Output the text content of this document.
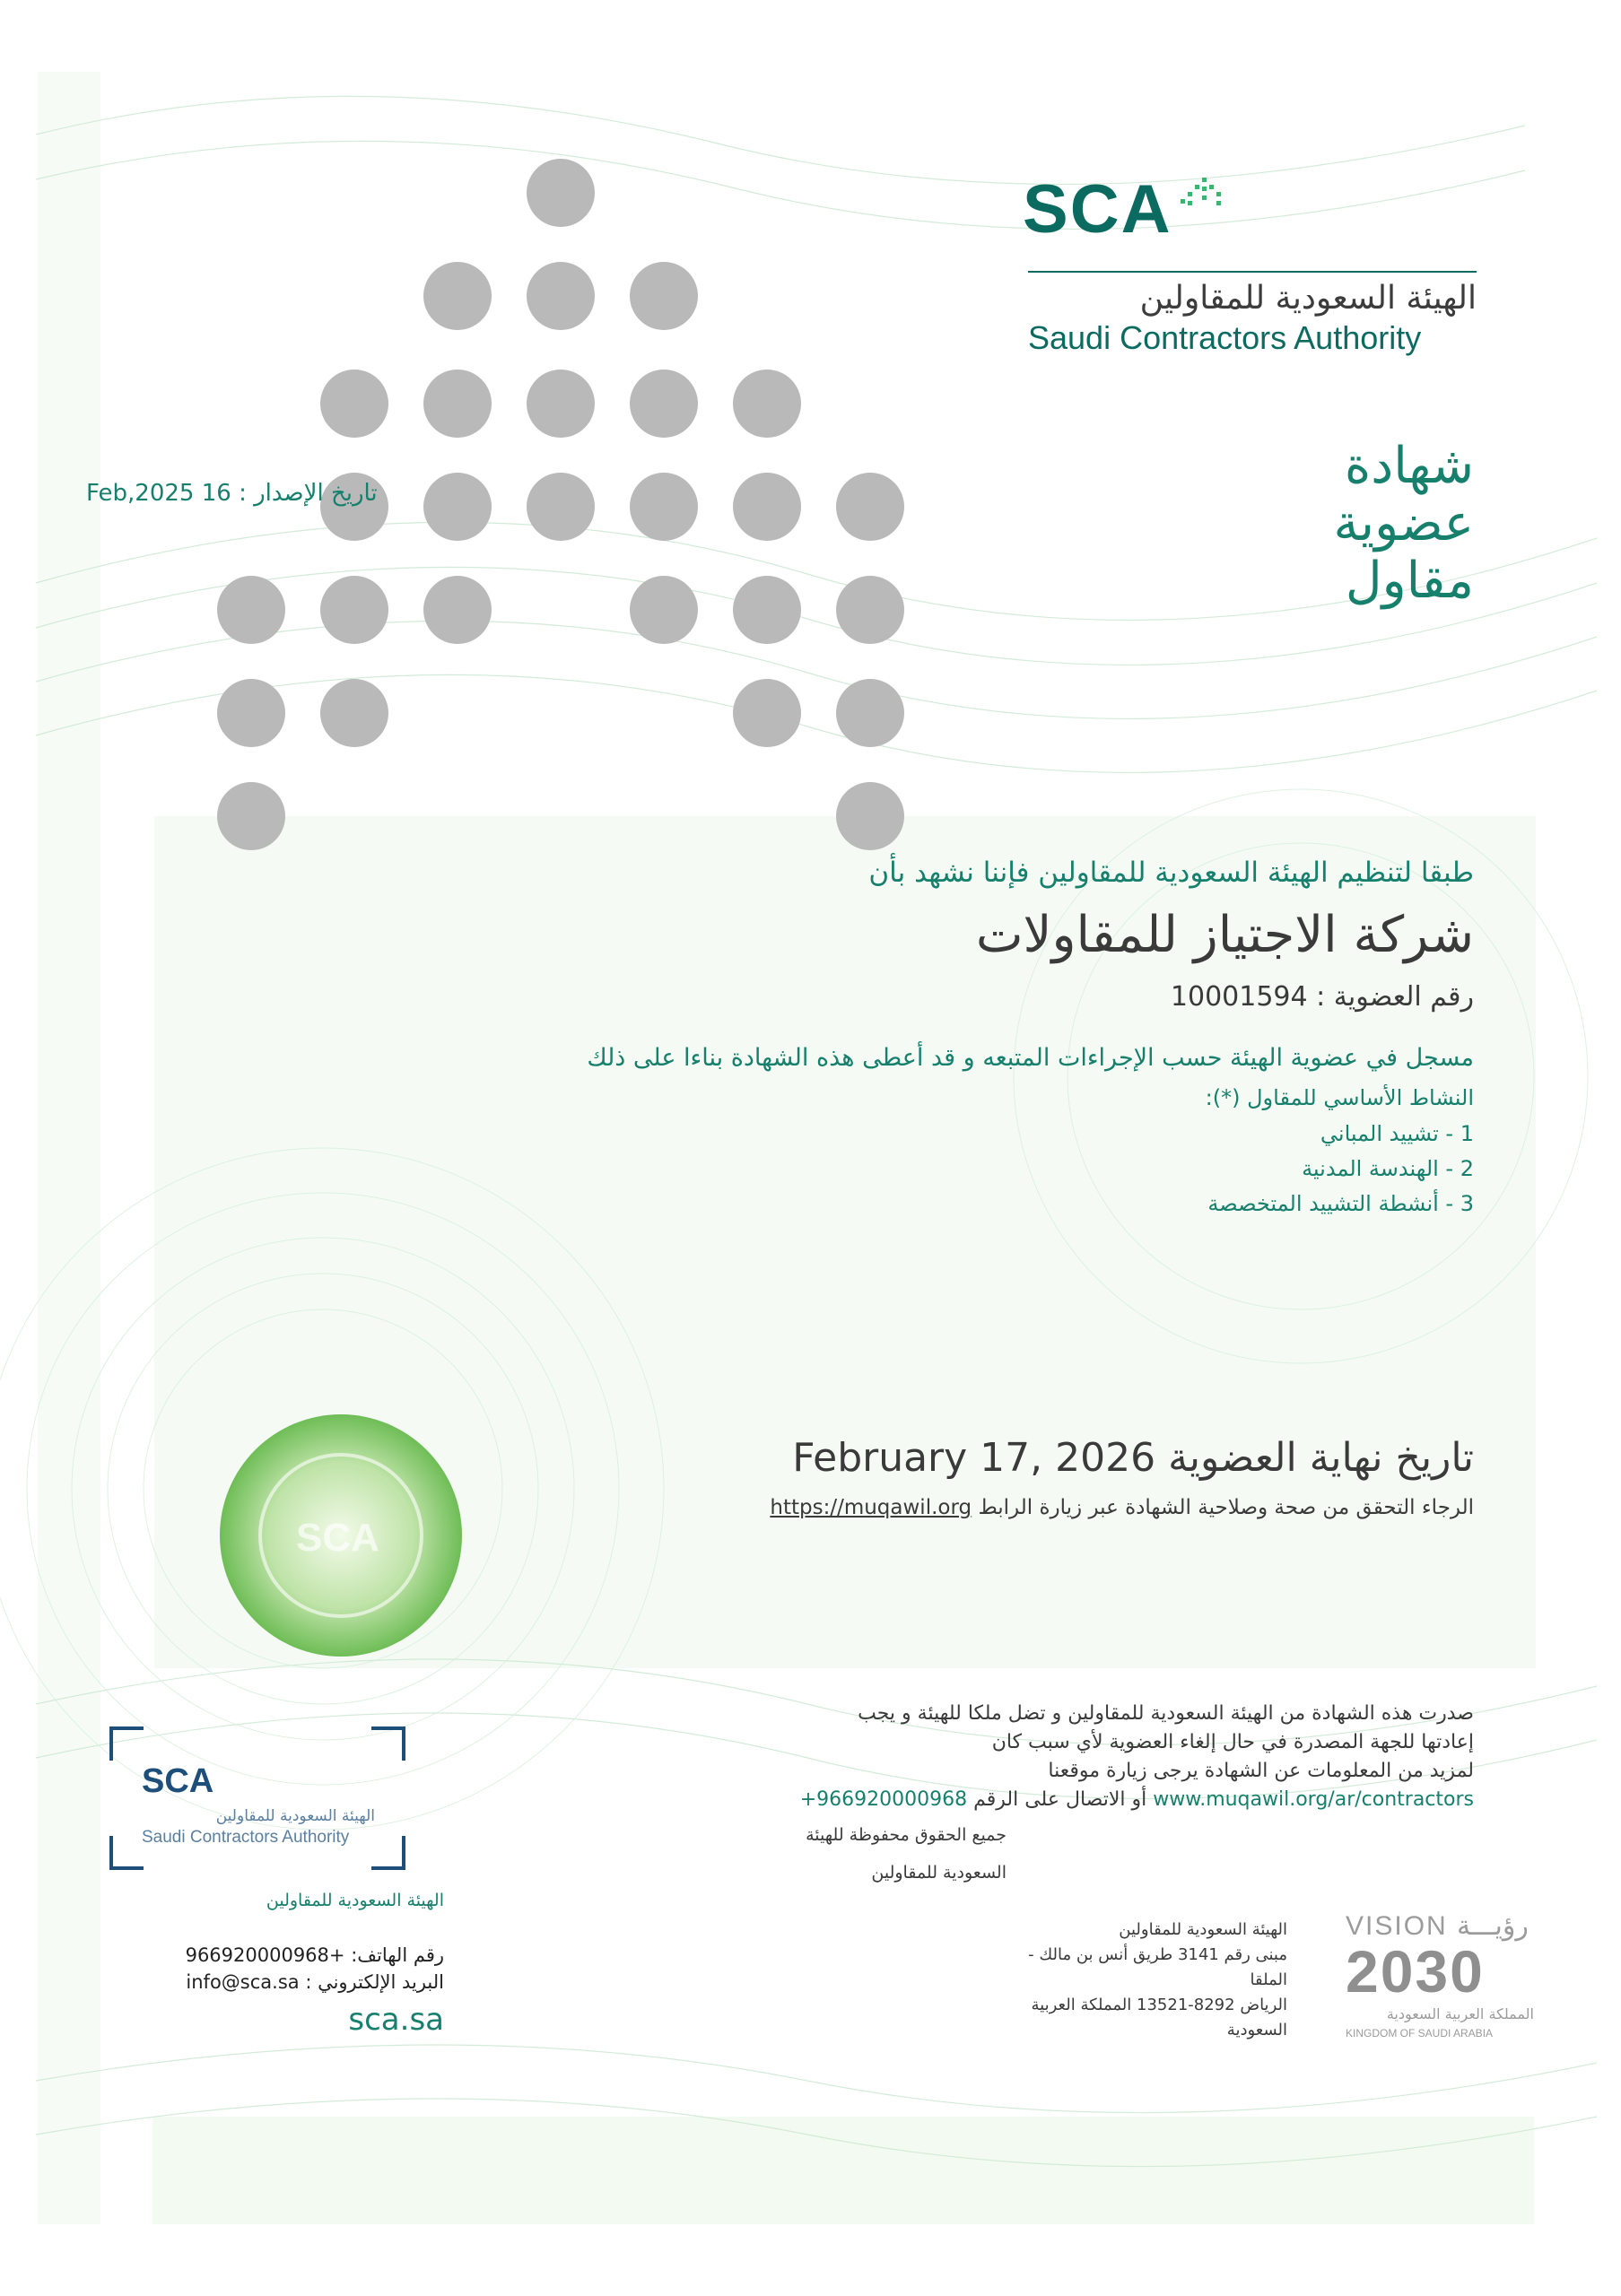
SCA
الهيئة السعودية للمقاولين
Saudi Contractors Authority
شهادة
عضوية
مقاول
تاريخ الإصدار : 16 Feb,2025
طبقا لتنظيم الهيئة السعودية للمقاولين فإننا نشهد بأن
شركة الاجتياز للمقاولات
رقم العضوية : 10001594
مسجل في عضوية الهيئة حسب الإجراءات المتبعه و قد أعطى هذه الشهادة بناءا على ذلك
النشاط الأساسي للمقاول (*):
1 - تشييد المباني
2 - الهندسة المدنية
3 - أنشطة التشييد المتخصصة
تاريخ نهاية العضوية February 17, 2026
الرجاء التحقق من صحة وصلاحية الشهادة عبر زيارة الرابط https://muqawil.org
SCA
صدرت هذه الشهادة من الهيئة السعودية للمقاولين و تضل ملكا للهيئة و يجب
إعادتها للجهة المصدرة في حال إلغاء العضوية لأي سبب كان
لمزيد من المعلومات عن الشهادة يرجى زيارة موقعنا
www.muqawil.org/ar/contractors أو الاتصال على الرقم +966920000968
جميع الحقوق محفوظة للهيئة السعودية للمقاولين
SCA
الهيئة السعودية للمقاولين
Saudi Contractors Authority
الهيئة السعودية للمقاولين
رقم الهاتف: +966920000968
البريد الإلكتروني : info@sca.sa
sca.sa
الهيئة السعودية للمقاولين
مبنى رقم 3141 طريق أنس بن مالك - الملقا
الرياض 8292-13521 المملكة العربية السعودية
VISION رؤيـــة
2030
المملكة العربية السعودية
KINGDOM OF SAUDI ARABIA
